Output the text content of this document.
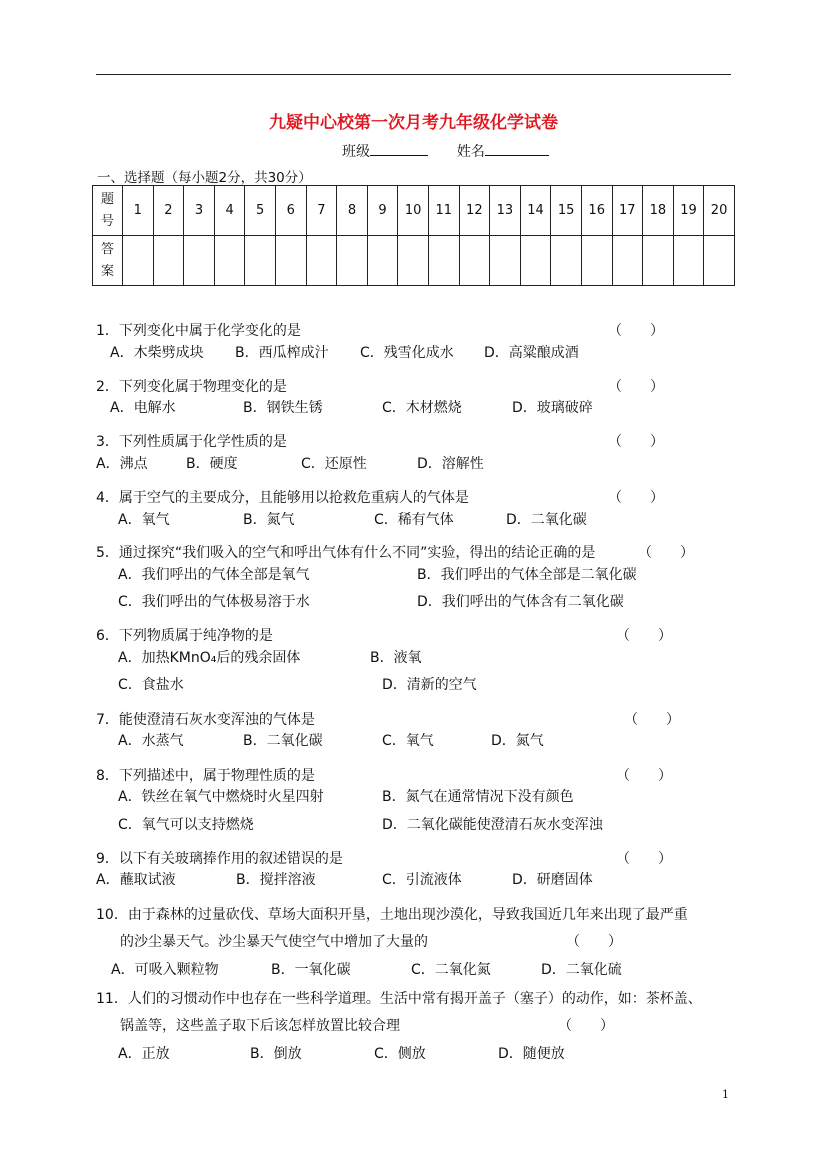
九疑中心校第一次月考九年级化学试卷
班级	姓名
一、选择题（每小题2分，共30分）
题
号	1	2	3	4	5	6	7	8	9	10	11	12	13	14	15	16	17	18	19	20
答
案																				
1．下列变化中属于化学变化的是	（　　）
A．木柴劈成块 B．西瓜榨成汁 C．残雪化成水 D．高粱酿成酒
2．下列变化属于物理变化的是	（　　）
A．电解水	B．钢铁生锈	C．木材燃烧	D．玻璃破碎
3．下列性质属于化学性质的是	（　　）
A．沸点	B．硬度	C．还原性	D．溶解性
4．属于空气的主要成分，且能够用以抢救危重病人的气体是	（　　）
A．氧气	B．氮气	C．稀有气体	D．二氧化碳
5．通过探究“我们吸入的空气和呼出气体有什么不同”实验，得出的结论正确的是	（　　）
A．我们呼出的气体全部是氧气	B．我们呼出的气体全部是二氧化碳
C．我们呼出的气体极易溶于水	D．我们呼出的气体含有二氧化碳
6．下列物质属于纯净物的是	（　　）
A．加热KMnO₄后的残余固体	B．液氧
C．食盐水	D．清新的空气
7．能使澄清石灰水变浑浊的气体是	（　　）
A．水蒸气	B．二氧化碳	C．氧气	D．氮气
8．下列描述中，属于物理性质的是	（　　）
A．铁丝在氧气中燃烧时火星四射	B．氮气在通常情况下没有颜色
C．氧气可以支持燃烧	D．二氧化碳能使澄清石灰水变浑浊
9．以下有关玻璃捧作用的叙述错误的是	（　　）
A．蘸取试液	B．搅拌溶液	C．引流液体	D．研磨固体
10．由于森林的过量砍伐、草场大面积开垦，土地出现沙漠化，导致我国近几年来出现了最严重
的沙尘暴天气。沙尘暴天气使空气中增加了大量的	（　　）
A．可吸入颗粒物	B．一氧化碳	C．二氧化氮	D．二氧化硫
11．人们的习惯动作中也存在一些科学道理。生活中常有揭开盖子（塞子）的动作，如：茶杯盖、
锅盖等，这些盖子取下后该怎样放置比较合理	（　　）
A．正放	B．倒放	C．侧放	D．随便放
1
